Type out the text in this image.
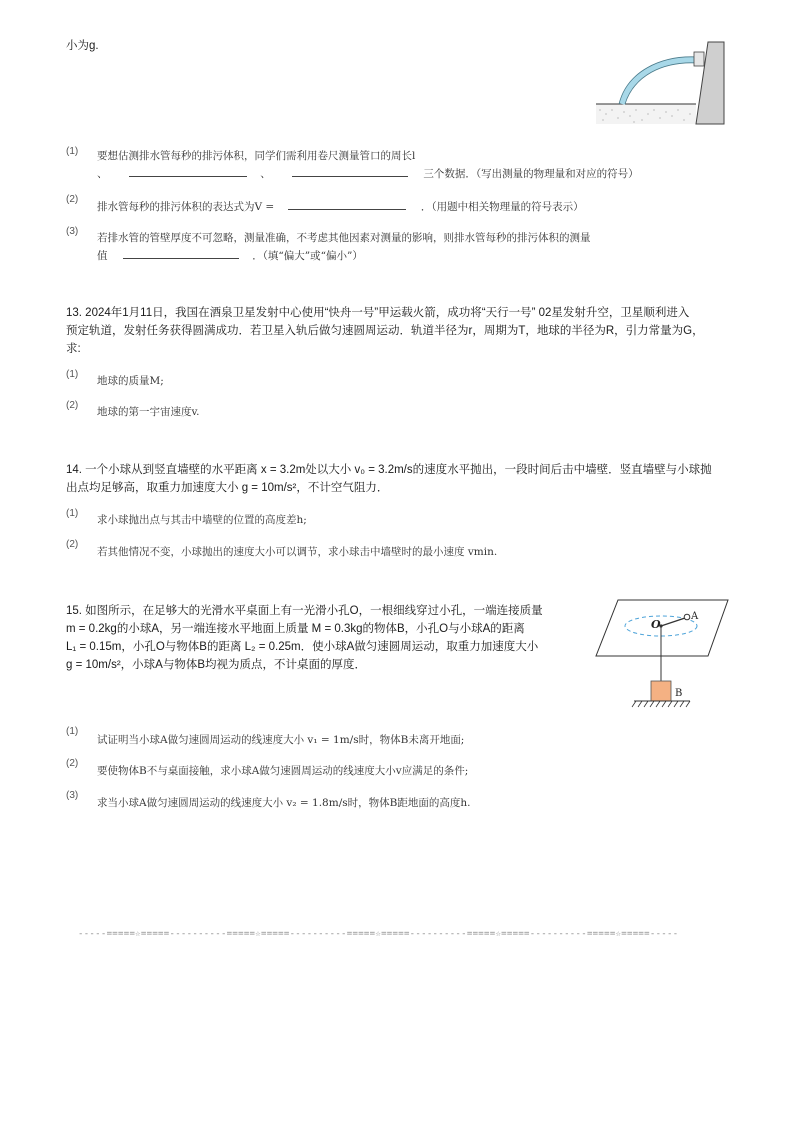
小为g.
(1) 要想估测排水管每秒的排污体积，同学们需利用卷尺测量管口的周长l
、	、	三个数据．（写出测量的物理量和对应的符号）
(2)
排水管每秒的排污体积的表达式为V =	．（用题中相关物理量的符号表示）
(3)
若排水管的管壁厚度不可忽略，测量准确，不考虑其他因素对测量的影响，则排水管每秒的排污体积的测量
值	．（填“偏大”或“偏小”）
13. 2024年1月11日，我国在酒泉卫星发射中心使用“快舟一号”甲运载火箭，成功将“天行一号” 02星发射升空，卫星顺利进入
预定轨道，发射任务获得圆满成功．若卫星入轨后做匀速圆周运动．轨道半径为r，周期为T，地球的半径为R，引力常量为G，
求:
(1)
地球的质量M;
(2)
地球的第一宇宙速度v.
14. 一个小球从到竖直墙壁的水平距离 x = 3.2m处以大小 v₀ = 3.2m/s的速度水平抛出，一段时间后击中墙壁．竖直墙壁与小球抛
出点均足够高，取重力加速度大小 g = 10m/s²，不计空气阻力．
(1)
求小球抛出点与其击中墙壁的位置的高度差h;
(2)
若其他情况不变，小球抛出的速度大小可以调节，求小球击中墙壁时的最小速度 vmin.
15. 如图所示，在足够大的光滑水平桌面上有一光滑小孔O，一根细线穿过小孔，一端连接质量
m = 0.2kg的小球A，另一端连接水平地面上质量 M = 0.3kg的物体B，小孔O与小球A的距离
L₁ = 0.15m，小孔O与物体B的距离 L₂ = 0.25m．使小球A做匀速圆周运动，取重力加速度大小
g = 10m/s²，小球A与物体B均视为质点，不计桌面的厚度．
O
A
B
(1)
试证明当小球A做匀速圆周运动的线速度大小 v₁ = 1m/s时，物体B未离开地面;
(2)
要使物体B不与桌面接触，求小球A做匀速圆周运动的线速度大小v应满足的条件;
(3)
求当小球A做匀速圆周运动的线速度大小 v₂ = 1.8m/s时，物体B距地面的高度h.
-----=====☆=====----------=====☆=====----------=====☆=====----------=====☆=====----------=====☆=====-----
